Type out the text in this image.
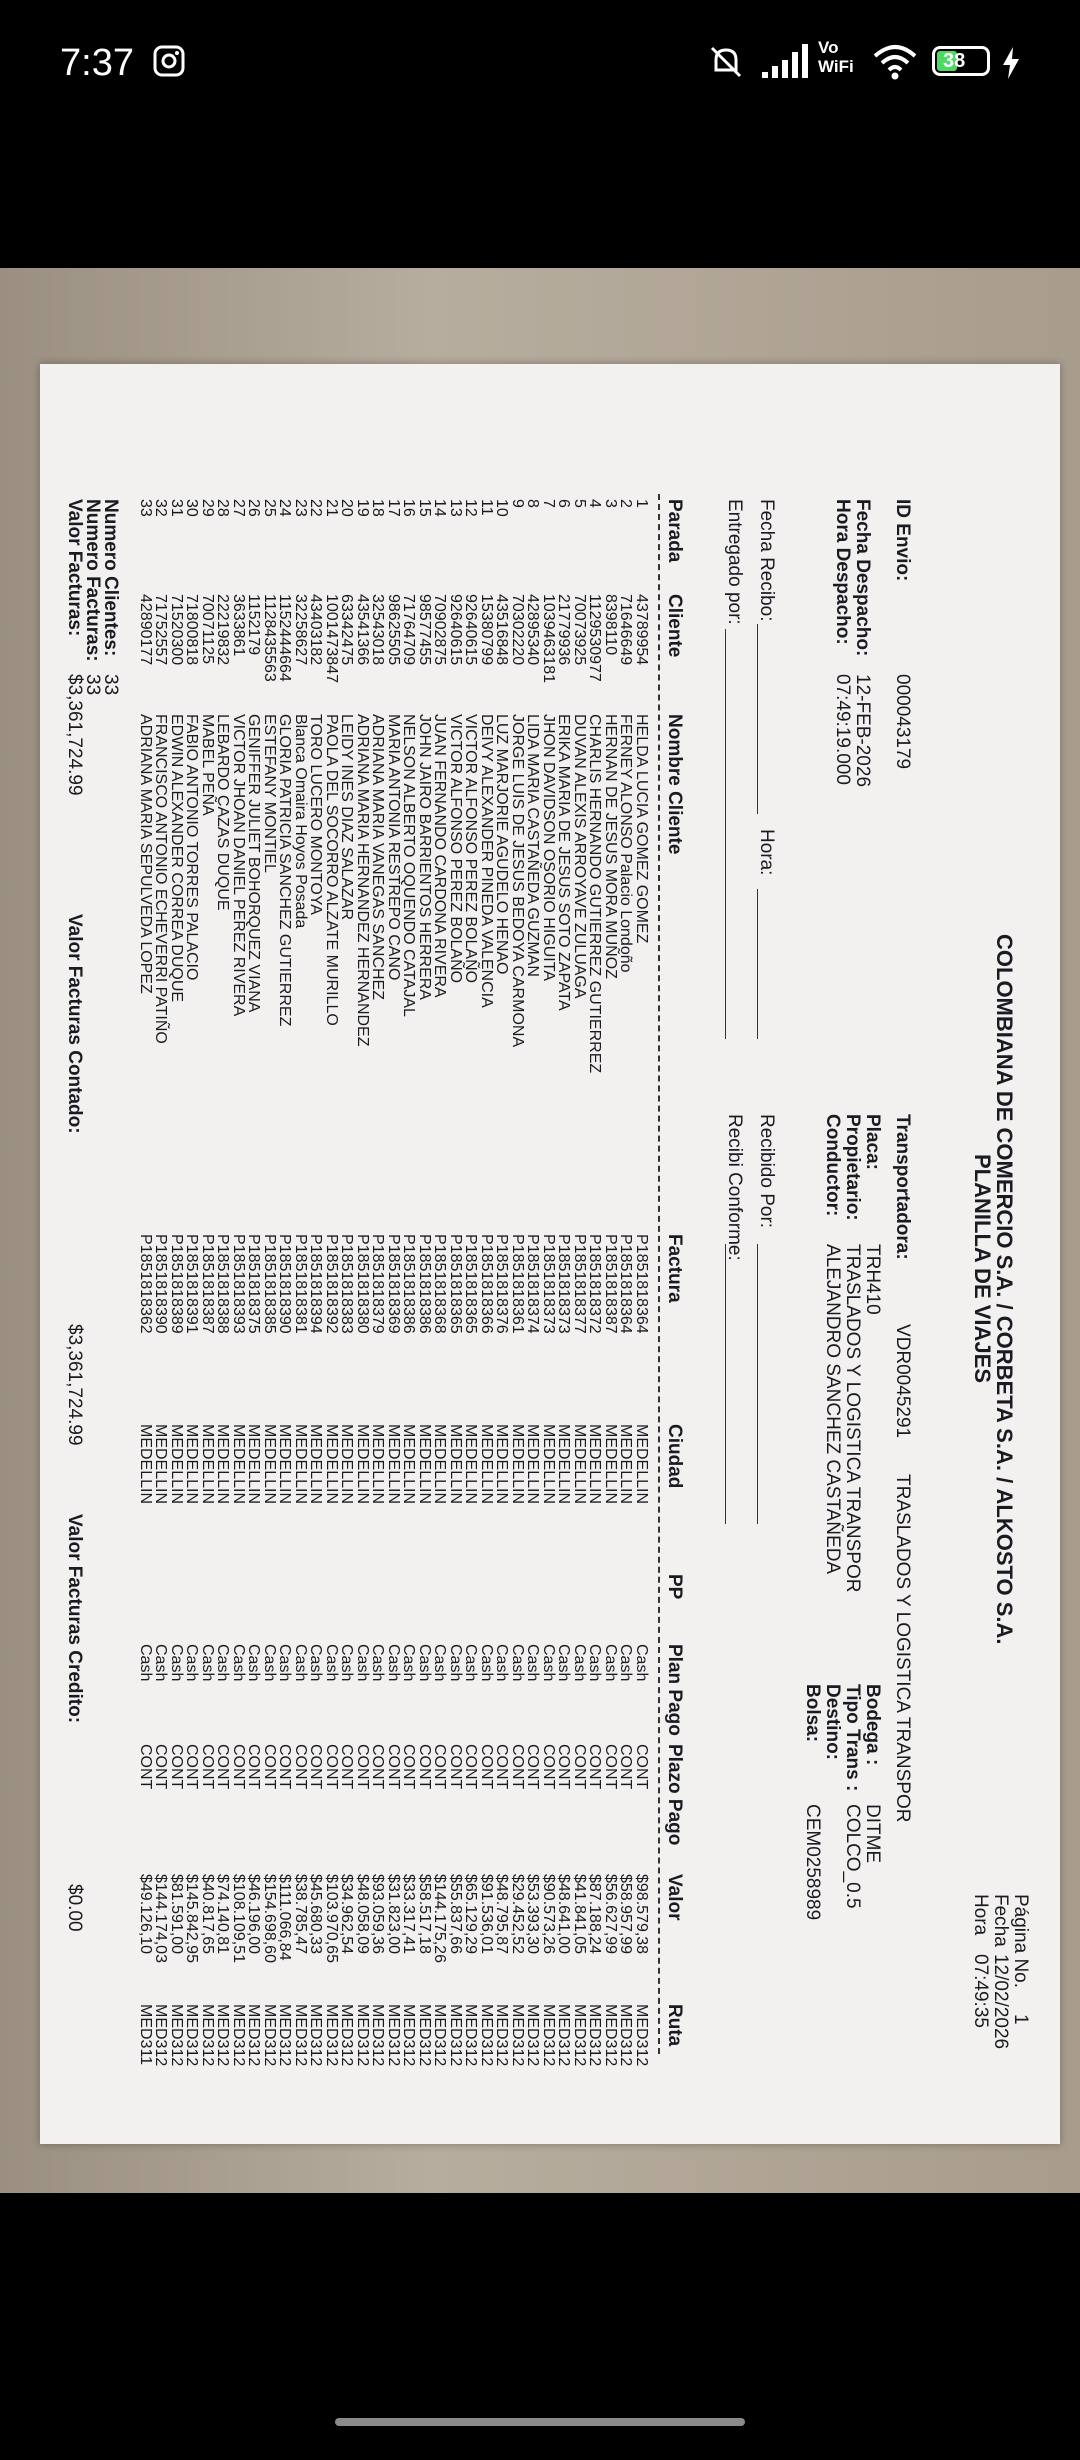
7:37	Vo WiFi	38
COLOMBIANA DE COMERCIO S.A. / CORBETA S.A. / ALKOSTO S.A.
PLANILLA DE VIAJES
Página No.
1
Fecha
12/02/2026
Hora
07:49:35
ID Envio:
000043179
Fecha Despacho:
12-FEB-2026
Hora Despacho:
07:49:19.000
Transportadora:
VDR0045291
TRASLADOS Y LOGISTICA TRANSPOR
Placa:
TRH410
Propietario:
TRASLADOS Y LOGISTICA TRANSPOR
Conductor:
ALEJANDRO SANCHEZ CASTAÑEDA
Bodega :
DITME
Tipo Trans :
COLCO_0.5
Destino:
Bolsa:
CEM0258989
Fecha Recibo:
Hora:
Entregado por:
Recibido Por:
Recibi Conforme:
Parada
Cliente
Nombre Cliente
Factura
Ciudad
PP
Plan Pago
Plazo Pago
Valor
Ruta
1
43789954
HELDA LUCIA GOMEZ GOMEZ
P1851818364
MEDELLIN
Cash
CONT
$98.579,38
MED312
2
71646649
FERNEY ALONSO Palacio Londoño
P1851818364
MEDELLIN
Cash
CONT
$58.957,99
MED312
3
8398110
HERNAN DE JESUS MORA MUÑOZ
P1851818387
MEDELLIN
Cash
CONT
$56.627,99
MED312
4
1129530977
CHARLIS HERNANDO GUTIERREZ GUTIERREZ
P1851818372
MEDELLIN
Cash
CONT
$87.188,24
MED312
5
70073925
DUVAN ALEXIS ARROYAVE ZULUAGA
P1851818377
MEDELLIN
Cash
CONT
$41.841,05
MED312
6
21779936
ERIKA MARIA DE JESUS SOTO ZAPATA
P1851818373
MEDELLIN
Cash
CONT
$48.641,00
MED312
7
1039463181
JHON DAVIDSON OSORIO HIGUITA
P1851818373
MEDELLIN
Cash
CONT
$90.573,26
MED312
8
42895340
LIDA MARIA CASTAÑEDA GUZMAN
P1851818374
MEDELLIN
Cash
CONT
$53.393,30
MED312
9
70302220
JORGE LUIS DE JESUS BEDOYA CARMONA
P1851818361
MEDELLIN
Cash
CONT
$29.452,52
MED312
10
43516848
LUZ MARJORIE AGUDELO HENAO
P1851818376
MEDELLIN
Cash
CONT
$48.795,87
MED312
11
15380799
DEIVY ALEXANDER PINEDA VALENCIA
P1851818366
MEDELLIN
Cash
CONT
$91.536,01
MED312
12
92640615
VICTOR ALFONSO PEREZ BOLAÑO
P1851818365
MEDELLIN
Cash
CONT
$65.129,29
MED312
13
92640615
VICTOR ALFONSO PEREZ BOLAÑO
P1851818365
MEDELLIN
Cash
CONT
$55.837,66
MED312
14
70902875
JUAN FERNANDO CARDONA RIVERA
P1851818368
MEDELLIN
Cash
CONT
$144.175,26
MED312
15
98577455
JOHN JAIRO BARRIENTOS HERRERA
P1851818386
MEDELLIN
Cash
CONT
$58.517,18
MED312
16
71764709
NELSON ALBERTO OQUENDO CATAJAL
P1851818386
MEDELLIN
Cash
CONT
$33.317,41
MED312
17
98625505
MARIA ANTONIA RESTREPO CANO
P1851818369
MEDELLIN
Cash
CONT
$31.823,00
MED312
18
32543018
ADRIANA MARIA VANEGAS SANCHEZ
P1851818379
MEDELLIN
Cash
CONT
$93.059,36
MED312
19
43541366
ADRIANA MARIA HERNANDEZ HERNANDEZ
P1851818380
MEDELLIN
Cash
CONT
$48.058,09
MED312
20
63342475
LEIDY INES DIAZ SALAZAR
P1851818383
MEDELLIN
Cash
CONT
$34.962,54
MED312
21
1001473847
PAOLA DEL SOCORRO ALZATE MURILLO
P1851818392
MEDELLIN
Cash
CONT
$103.970,65
MED312
22
43403182
TORO LUCERO MONTOYA
P1851818394
MEDELLIN
Cash
CONT
$45.680,33
MED312
23
32258627
Blanca Omaira Hoyos Posada
P1851818381
MEDELLIN
Cash
CONT
$38.785,47
MED312
24
1152444664
GLORIA PATRICIA SANCHEZ GUTIERREZ
P1851818390
MEDELLIN
Cash
CONT
$111.066,84
MED312
25
1128435563
ESTEFANY MONTIEL
P1851818385
MEDELLIN
Cash
CONT
$154.698,60
MED312
26
1152179
GENIFFER JULIET BOHORQUEZ VIANA
P1851818375
MEDELLIN
Cash
CONT
$46.196,00
MED312
27
3633861
VICTOR JHOAN DANIEL PEREZ RIVERA
P1851818393
MEDELLIN
Cash
CONT
$108.109,51
MED312
28
22219832
LEBARDO CAZAS DUQUE
P1851818388
MEDELLIN
Cash
CONT
$74.140,81
MED312
29
70071125
MABEL PEÑA
P1851818387
MEDELLIN
Cash
CONT
$40.817,65
MED312
30
71800818
FABIO ANTONIO TORRES PALACIO
P1851818391
MEDELLIN
Cash
CONT
$145.842,95
MED312
31
71520300
EDWIN ALEXANDER CORREA DUQUE
P1851818389
MEDELLIN
Cash
CONT
$81.591,00
MED312
32
71752557
FRANCISCO ANTONIO ECHEVERRI PATIÑO
P1851818390
MEDELLIN
Cash
CONT
$144.174,03
MED312
33
42890177
ADRIANA MARIA SEPULVEDA LOPEZ
P1851818362
MEDELLIN
Cash
CONT
$49.126,10
MED311
Numero Clientes:
33
Numero Facturas:
33
Valor Facturas:
$3,361,724.99
Valor Facturas Contado:
$3,361,724.99
Valor Facturas Credito:
$0.00
